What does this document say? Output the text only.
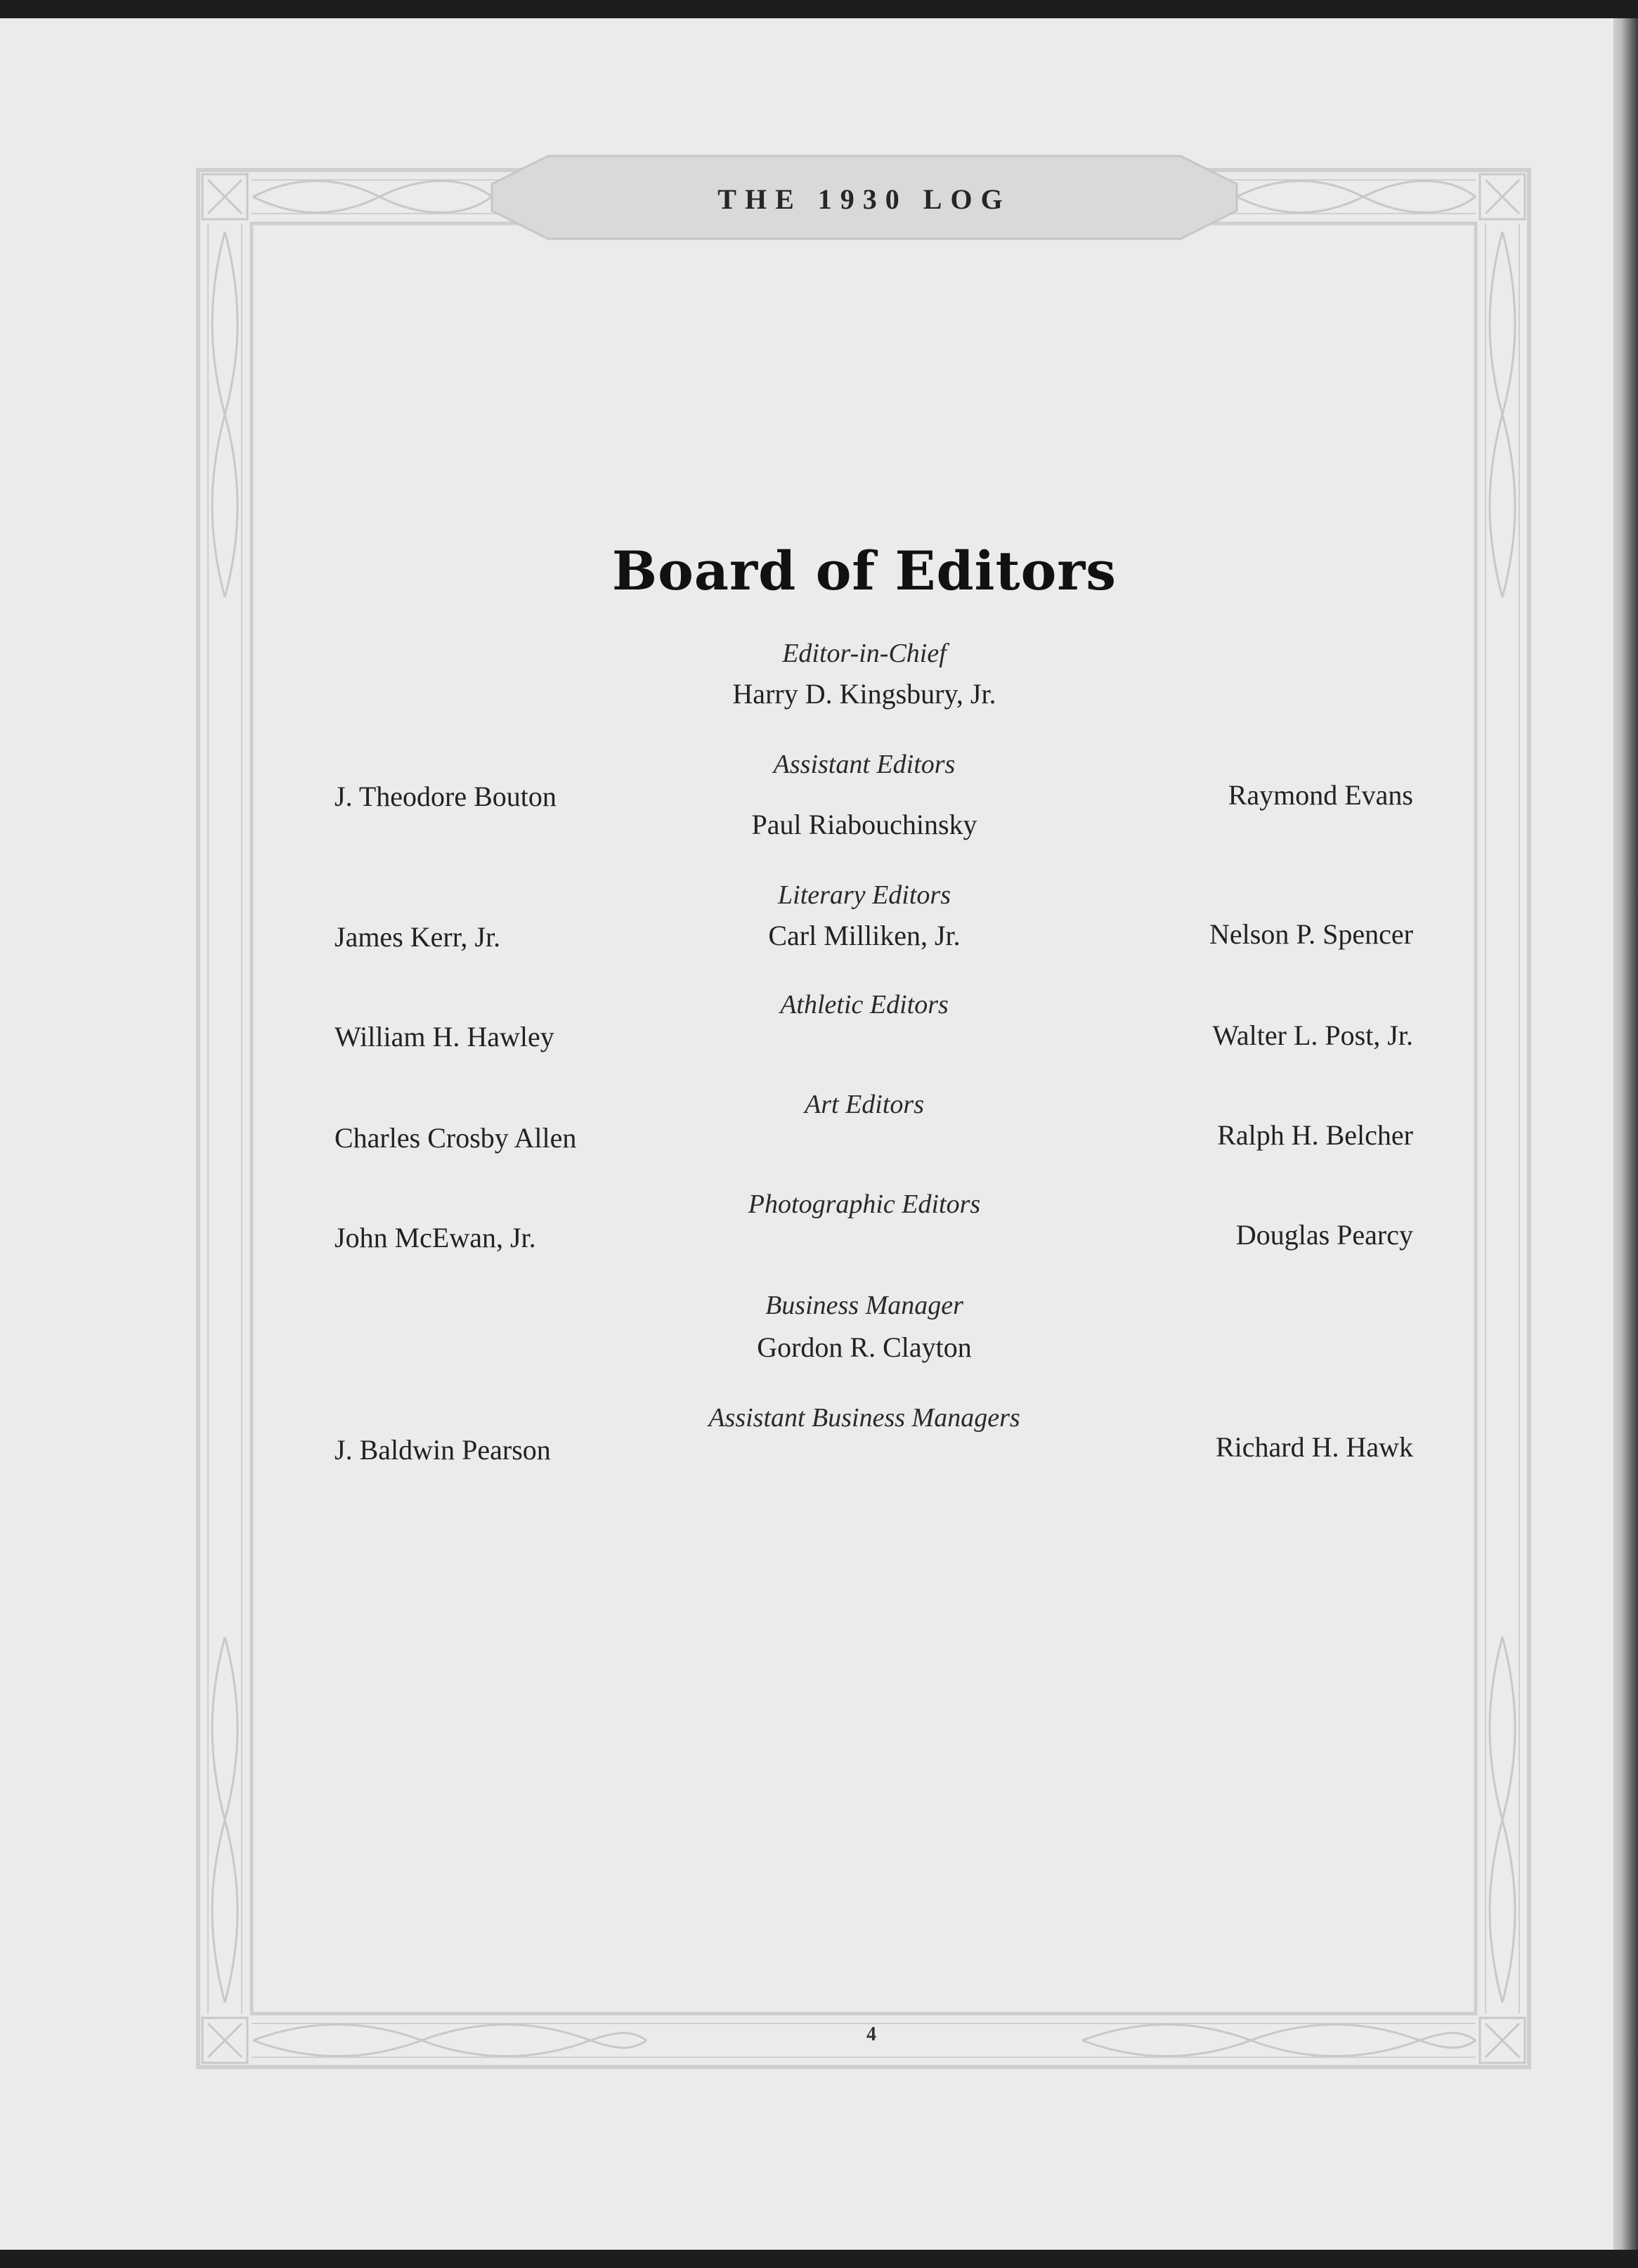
THE 1930 LOG
Board of Editors
Editor-in-Chief
Harry D. Kingsbury, Jr.
Assistant Editors
J. Theodore Bouton
Paul Riabouchinsky
Raymond Evans
Literary Editors
James Kerr, Jr.	Carl Milliken, Jr.	Nelson P. Spencer
Athletic Editors
William H. Hawley	Walter L. Post, Jr.
Art Editors
Charles Crosby Allen	Ralph H. Belcher
Photographic Editors
John McEwan, Jr.	Douglas Pearcy
Business Manager
Gordon R. Clayton
Assistant Business Managers
J. Baldwin Pearson	Richard H. Hawk
4
